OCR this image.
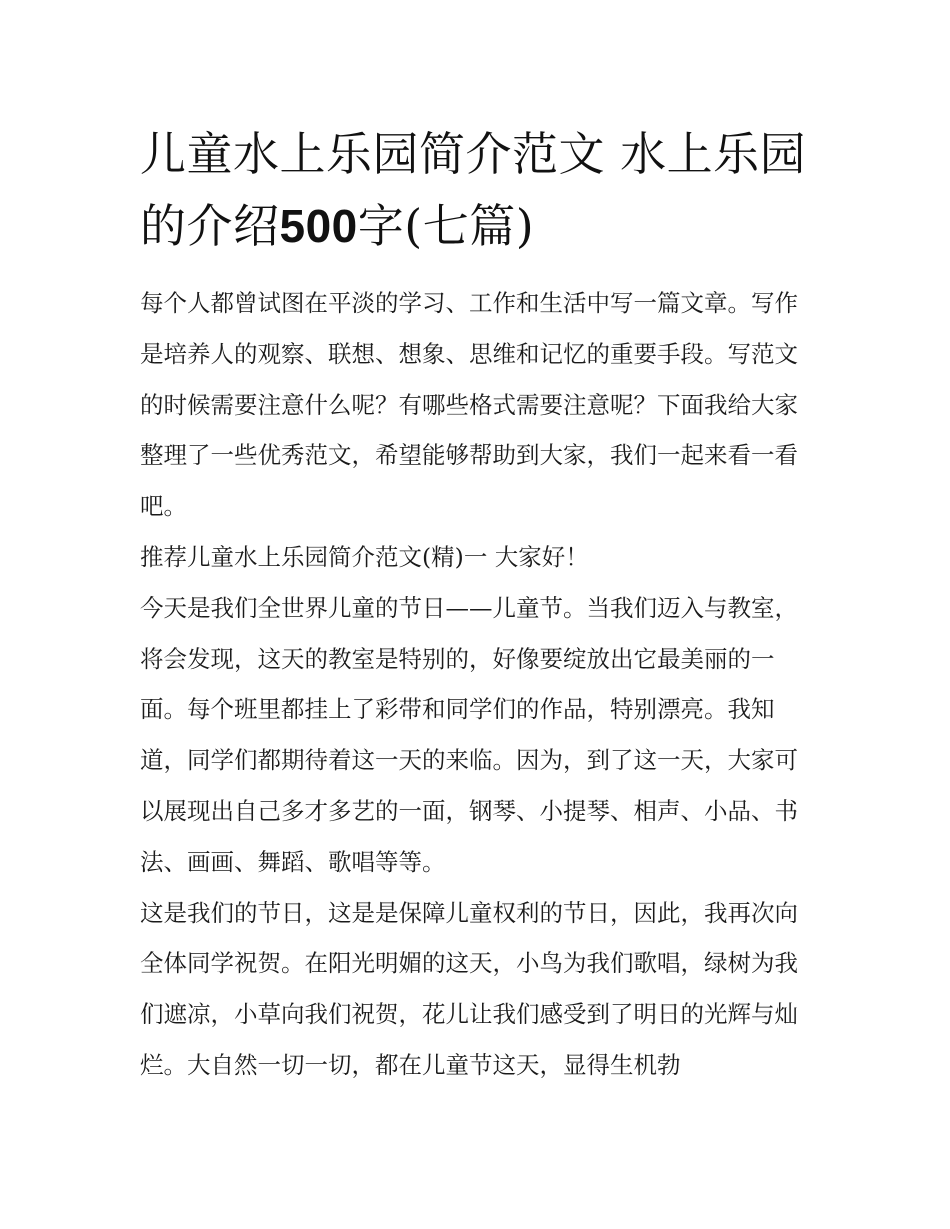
儿童水上乐园简介范文 水上乐园的介绍500字(七篇)

每个人都曾试图在平淡的学习、工作和生活中写一篇文章。写作是培养人的观察、联想、想象、思维和记忆的重要手段。写范文的时候需要注意什么呢？有哪些格式需要注意呢？下面我给大家整理了一些优秀范文，希望能够帮助到大家，我们一起来看一看吧。

推荐儿童水上乐园简介范文(精)一 大家好！

今天是我们全世界儿童的节日——儿童节。当我们迈入与教室，将会发现，这天的教室是特别的，好像要绽放出它最美丽的一面。每个班里都挂上了彩带和同学们的作品，特别漂亮。我知道，同学们都期待着这一天的来临。因为，到了这一天，大家可以展现出自己多才多艺的一面，钢琴、小提琴、相声、小品、书法、画画、舞蹈、歌唱等等。

这是我们的节日，这是是保障儿童权利的节日，因此，我再次向全体同学祝贺。在阳光明媚的这天，小鸟为我们歌唱，绿树为我们遮凉，小草向我们祝贺，花儿让我们感受到了明日的光辉与灿烂。大自然一切一切，都在儿童节这天，显得生机勃
